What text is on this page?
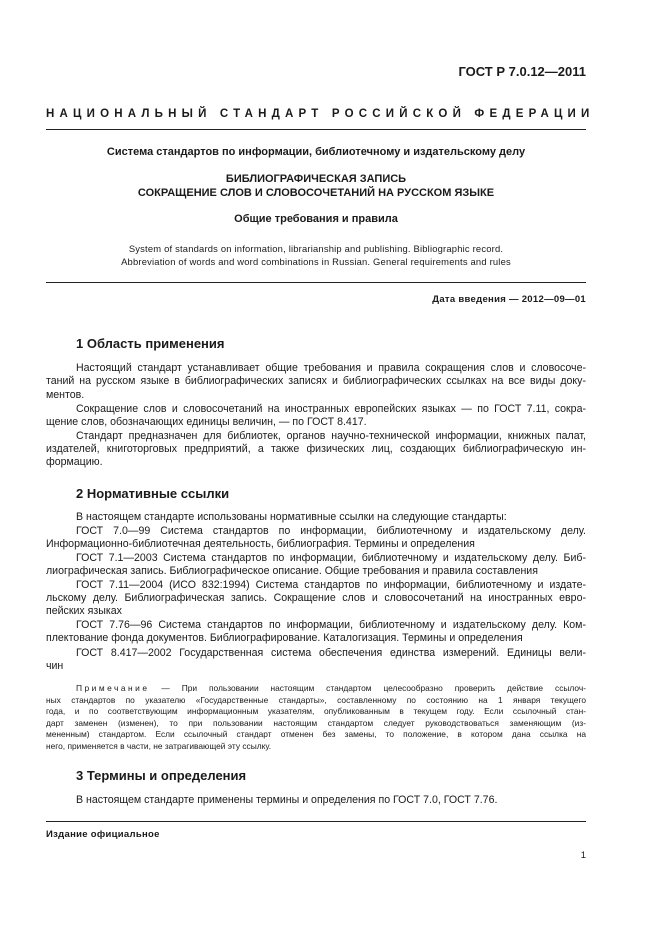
ГОСТ Р 7.0.12—2011
НАЦИОНАЛЬНЫЙ СТАНДАРТ РОССИЙСКОЙ ФЕДЕРАЦИИ
Система стандартов по информации, библиотечному и издательскому делу
БИБЛИОГРАФИЧЕСКАЯ ЗАПИСЬ
СОКРАЩЕНИЕ СЛОВ И СЛОВОСОЧЕТАНИЙ НА РУССКОМ ЯЗЫКЕ
Общие требования и правила
System of standards on information, librarianship and publishing. Bibliographic record.
Abbreviation of words and word combinations in Russian. General requirements and rules
Дата введения — 2012—09—01
1 Область применения
Настоящий стандарт устанавливает общие требования и правила сокращения слов и словосоче-
таний на русском языке в библиографических записях и библиографических ссылках на все виды доку-
ментов.
Сокращение слов и словосочетаний на иностранных европейских языках — по ГОСТ 7.11, сокра-
щение слов, обозначающих единицы величин, — по ГОСТ 8.417.
Стандарт предназначен для библиотек, органов научно-технической информации, книжных палат,
издателей, книготорговых предприятий, а также физических лиц, создающих библиографическую ин-
формацию.
2 Нормативные ссылки
В настоящем стандарте использованы нормативные ссылки на следующие стандарты:
ГОСТ 7.0—99 Система стандартов по информации, библиотечному и издательскому делу.
Информационно-библиотечная деятельность, библиография. Термины и определения
ГОСТ 7.1—2003 Система стандартов по информации, библиотечному и издательскому делу. Биб-
лиографическая запись. Библиографическое описание. Общие требования и правила составления
ГОСТ 7.11—2004 (ИСО 832:1994) Система стандартов по информации, библиотечному и издате-
льскому делу. Библиографическая запись. Сокращение слов и словосочетаний на иностранных евро-
пейских языках
ГОСТ 7.76—96 Система стандартов по информации, библиотечному и издательскому делу. Ком-
плектование фонда документов. Библиографирование. Каталогизация. Термины и определения
ГОСТ 8.417—2002 Государственная система обеспечения единства измерений. Единицы вели-
чин
Примечание — При пользовании настоящим стандартом целесообразно проверить действие ссылоч-
ных стандартов по указателю «Государственные стандарты», составленному по состоянию на 1 января текущего
года, и по соответствующим информационным указателям, опубликованным в текущем году. Если ссылочный стан-
дарт заменен (изменен), то при пользовании настоящим стандартом следует руководствоваться заменяющим (из-
мененным) стандартом. Если ссылочный стандарт отменен без замены, то положение, в котором дана ссылка на
него, применяется в части, не затрагивающей эту ссылку.
3 Термины и определения
В настоящем стандарте применены термины и определения по ГОСТ 7.0, ГОСТ 7.76.
Издание официальное
1
